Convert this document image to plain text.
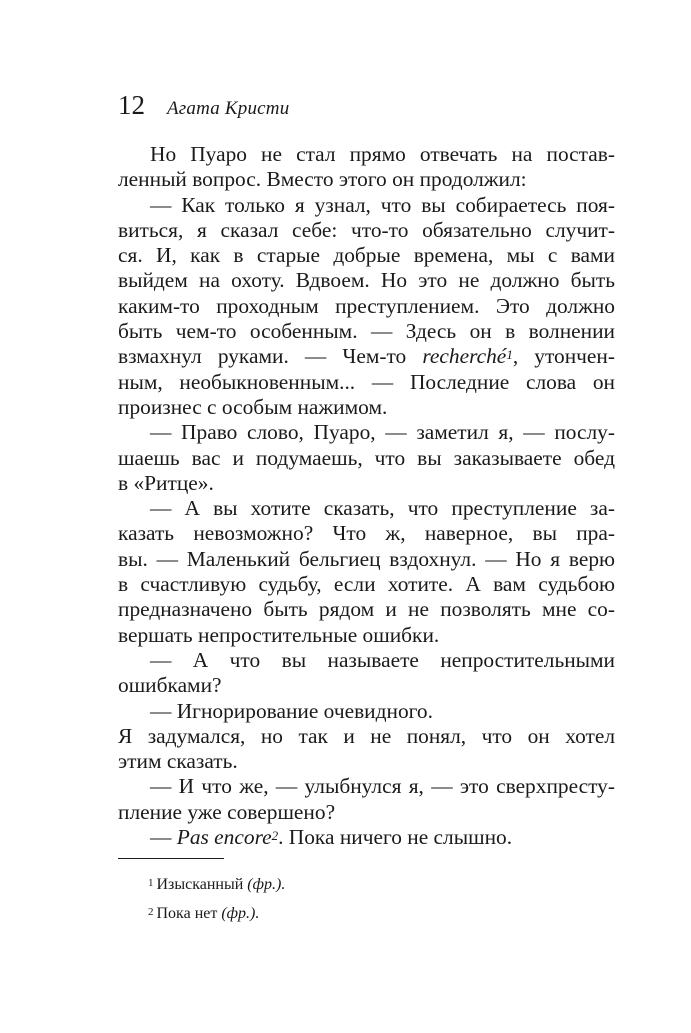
12 Агата Кристи
Но Пуаро не стал прямо отвечать на постав-
ленный вопрос. Вместо этого он продолжил:
— Как только я узнал, что вы собираетесь поя-
виться, я сказал себе: что-то обязательно случит-
ся. И, как в старые добрые времена, мы с вами
выйдем на охоту. Вдвоем. Но это не должно быть
каким-то проходным преступлением. Это должно
быть чем-то особенным. — Здесь он в волнении
взмахнул руками. — Чем-то recherché$^1$, утончен-
ным, необыкновенным... — Последние слова он
произнес с особым нажимом.
— Право слово, Пуаро, — заметил я, — послу-
шаешь вас и подумаешь, что вы заказываете обед
в «Ритце».
— А вы хотите сказать, что преступление за-
казать невозможно? Что ж, наверное, вы пра-
вы. — Маленький бельгиец вздохнул. — Но я верю
в счастливую судьбу, если хотите. А вам судьбою
предназначено быть рядом и не позволять мне со-
вершать непростительные ошибки.
— А что вы называете непростительными
ошибками?
— Игнорирование очевидного.
Я задумался, но так и не понял, что он хотел
этим сказать.
— И что же, — улыбнулся я, — это сверхпресту-
пление уже совершено?
— Pas encore$^2$. Пока ничего не слышно.
$^1$ Изысканный (фр.).
$^2$ Пока нет (фр.).
